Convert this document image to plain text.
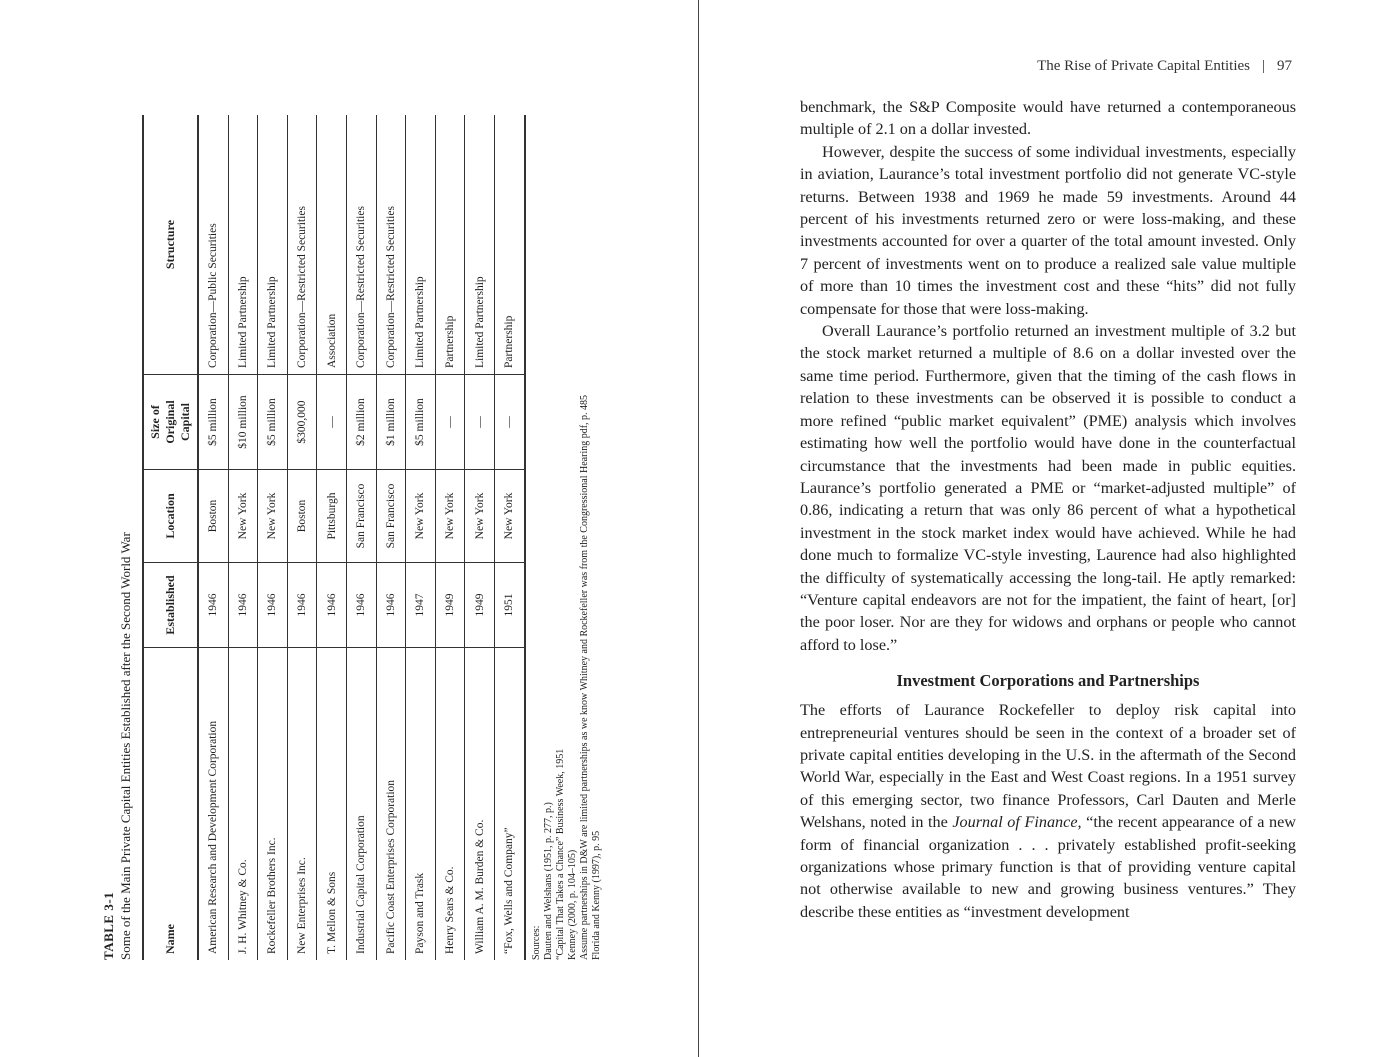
TABLE 3-1 Some of the Main Private Capital Entities Established after the Second World War	Name	Established	Location	Size of Original Capital	Structure
American Research and Development Corporation	1946	Boston	$5 million	Corporation—Public Securities
J. H. Whitney & Co.	1946	New York	$10 million	Limited Partnership
Rockefeller Brothers Inc.	1946	New York	$5 million	Limited Partnership
New Enterprises Inc.	1946	Boston	$300,000	Corporation—Restricted Securities
T. Mellon & Sons	1946	Pittsburgh	—	Association
Industrial Capital Corporation	1946	San Francisco	$2 million	Corporation—Restricted Securities
Pacific Coast Enterprises Corporation	1946	San Francisco	$1 million	Corporation—Restricted Securities
Payson and Trask	1947	New York	$5 million	Limited Partnership
Henry Sears & Co.	1949	New York	—	Partnership
William A. M. Burden & Co.	1949	New York	—	Limited Partnership
“Fox, Wells and Company”	1951	New York	—	Partnership
Sources: Dauten and Welshans (1951, p. 277, p.) “Capital That Takes a Chance” Business Week, 1951 Kenney (2000, p. 104–105) Assume partnerships in D&W are limited partnerships as we know Whitney and Rockefeller was from the Congressional Hearing pdf, p. 485 Florida and Kenny (1997), p. 95
The Rise of Private Capital Entities | 97

benchmark, the S&P Composite would have returned a contemporaneous multiple of 2.1 on a dollar invested.

However, despite the success of some individual investments, especially in aviation, Laurance’s total investment portfolio did not generate VC-style returns. Between 1938 and 1969 he made 59 investments. Around 44 percent of his investments returned zero or were loss-making, and these investments accounted for over a quarter of the total amount invested. Only 7 percent of investments went on to produce a realized sale value multiple of more than 10 times the investment cost and these “hits” did not fully compensate for those that were loss-making.

Overall Laurance’s portfolio returned an investment multiple of 3.2 but the stock market returned a multiple of 8.6 on a dollar invested over the same time period. Furthermore, given that the timing of the cash flows in relation to these investments can be observed it is possible to conduct a more refined “public market equivalent” (PME) analysis which involves estimating how well the portfolio would have done in the counterfactual circumstance that the investments had been made in public equities. Laurance’s portfolio generated a PME or “market-adjusted multiple” of 0.86, indicating a return that was only 86 percent of what a hypothetical investment in the stock market index would have achieved. While he had done much to formalize VC-style investing, Laurence had also highlighted the difficulty of systematically accessing the long-tail. He aptly remarked: “Venture capital endeavors are not for the impatient, the faint of heart, [or] the poor loser. Nor are they for widows and orphans or people who cannot afford to lose.”

Investment Corporations and Partnerships

The efforts of Laurance Rockefeller to deploy risk capital into entrepreneurial ventures should be seen in the context of a broader set of private capital entities developing in the U.S. in the aftermath of the Second World War, especially in the East and West Coast regions. In a 1951 survey of this emerging sector, two finance Professors, Carl Dauten and Merle Welshans, noted in the Journal of Finance, “the recent appearance of a new form of financial organization . . . privately established profit-seeking organizations whose primary function is that of providing venture capital not otherwise available to new and growing business ventures.” They describe these entities as “investment development
